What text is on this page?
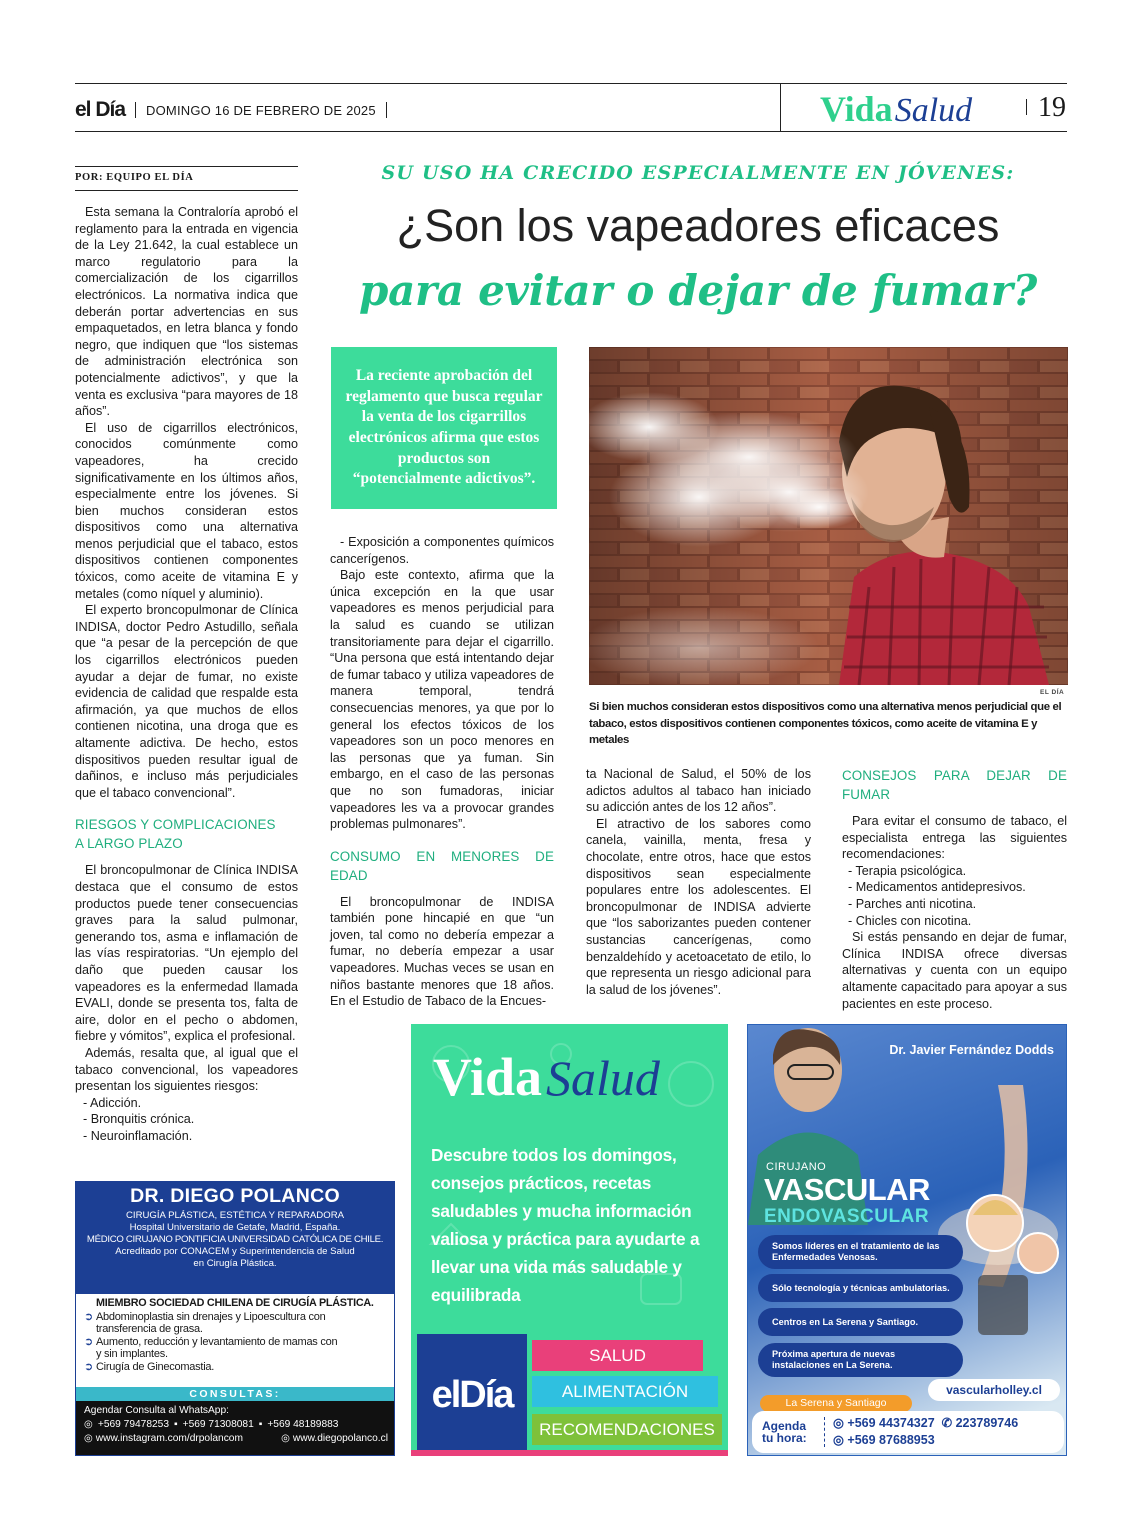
el Día DOMINGO 16 DE FEBRERO DE 2025	Vida Salud 19
POR: EQUIPO EL DÍA	SU USO HA CRECIDO ESPECIALMENTE EN JÓVENES:
¿Son los vapeadores eficaces
para evitar o dejar de fumar?
La reciente aprobación del reglamento que busca regular la venta de los cigarrillos electrónicos afirma que estos productos son “potencialmente adictivos”.
EL DÍA
Si bien muchos consideran estos dispositivos como una alternativa menos perjudicial que el tabaco, estos dispositivos contienen componentes tóxicos, como aceite de vitamina E y metales

Esta semana la Contraloría aprobó el reglamento para la entrada en vigencia de la Ley 21.642, la cual establece un marco regulatorio para la comercialización de los cigarrillos electrónicos. La normativa indica que deberán portar advertencias en sus empaquetados, en letra blanca y fondo negro, que indiquen que “los sistemas de administración electrónica son potencialmente adictivos”, y que la venta es exclusiva “para mayores de 18 años”.

El uso de cigarrillos electrónicos, conocidos comúnmente como vapeadores, ha crecido significativamente en los últimos años, especialmente entre los jóvenes. Si bien muchos consideran estos dispositivos como una alternativa menos perjudicial que el tabaco, estos dispositivos contienen componentes tóxicos, como aceite de vitamina E y metales (como níquel y aluminio).

El experto broncopulmonar de Clínica INDISA, doctor Pedro Astudillo, señala que “a pesar de la percepción de que los cigarrillos electrónicos pueden ayudar a dejar de fumar, no existe evidencia de calidad que respalde esta afirmación, ya que muchos de ellos contienen nicotina, una droga que es altamente adictiva. De hecho, estos dispositivos pueden resultar igual de dañinos, e incluso más perjudiciales que el tabaco convencional”.

RIESGOS Y COMPLICACIONES
A LARGO PLAZO

El broncopulmonar de Clínica INDISA destaca que el consumo de estos productos puede tener consecuencias graves para la salud pulmonar, generando tos, asma e inflamación de las vías respiratorias. “Un ejemplo del daño que pueden causar los vapeadores es la enfermedad llamada EVALI, donde se presenta tos, falta de aire, dolor en el pecho o abdomen, fiebre y vómitos”, explica el profesional.

Además, resalta que, al igual que el tabaco convencional, los vapeadores presentan los siguientes riesgos:

- Adicción.
- Bronquitis crónica.
- Neuroinflamación.

- Exposición a componentes químicos cancerígenos.

Bajo este contexto, afirma que la única excepción en la que usar vapeadores es menos perjudicial para la salud es cuando se utilizan transitoriamente para dejar el cigarrillo. “Una persona que está intentando dejar de fumar tabaco y utiliza vapeadores de manera temporal, tendrá consecuencias menores, ya que por lo general los efectos tóxicos de los vapeadores son un poco menores en las personas que ya fuman. Sin embargo, en el caso de las personas que no son fumadoras, iniciar vapeadores les va a provocar grandes problemas pulmonares”.

CONSUMO EN MENORES DE EDAD

El broncopulmonar de INDISA también pone hincapié en que “un joven, tal como no debería empezar a fumar, no debería empezar a usar vapeadores. Muchas veces se usan en niños bastante menores que 18 años. En el Estudio de Tabaco de la Encues-

ta Nacional de Salud, el 50% de los adictos adultos al tabaco han iniciado su adicción antes de los 12 años”.

El atractivo de los sabores como canela, vainilla, menta, fresa y chocolate, entre otros, hace que estos dispositivos sean especialmente populares entre los adolescentes. El broncopulmonar de INDISA advierte que “los saborizantes pueden contener sustancias cancerígenas, como benzaldehído y acetoacetato de etilo, lo que representa un riesgo adicional para la salud de los jóvenes”.

CONSEJOS PARA DEJAR DE FUMAR

Para evitar el consumo de tabaco, el especialista entrega las siguientes recomendaciones:

- Terapia psicológica.
- Medicamentos antidepresivos.
- Parches anti nicotina.
- Chicles con nicotina.

Si estás pensando en dejar de fumar, Clínica INDISA ofrece diversas alternativas y cuenta con un equipo altamente capacitado para apoyar a sus pacientes en este proceso.

DR. DIEGO POLANCO
CIRUGÍA PLÁSTICA, ESTÉTICA Y REPARADORA
Hospital Universitario de Getafe, Madrid, España.
MÉDICO CIRUJANO PONTIFICIA UNIVERSIDAD CATÓLICA DE CHILE.
Acreditado por CONACEM y Superintendencia de Salud
en Cirugía Plástica.
MIEMBRO SOCIEDAD CHILENA DE CIRUGÍA PLÁSTICA.
➲ Abdominoplastia sin drenajes y Lipoescultura con
transferencia de grasa.
➲ Aumento, reducción y levantamiento de mamas con
y sin implantes.
➲ Cirugía de Ginecomastia.
CONSULTAS:
Agendar Consulta al WhatsApp:
◎ +569 79478253 ▪ +569 71308081 ▪ +569 48189883
◎ www.instagram.com/drpolancom	◎ www.diegopolanco.cl
Vida Salud
Descubre todos los domingos, consejos prácticos, recetas saludables y mucha información valiosa y práctica para ayudarte a llevar una vida más saludable y equilibrada
elDía
SALUD
ALIMENTACIÓN
RECOMENDACIONES
Dr. Javier Fernández Dodds
CIRUJANO
VASCULAR
ENDOVASCULAR
Somos líderes en el tratamiento de las Enfermedades Venosas.
Sólo tecnología y técnicas ambulatorias.
Centros en La Serena y Santiago.
Próxima apertura de nuevas instalaciones en La Serena.
vascularholley.cl
La Serena y Santiago
Agenda tu hora:
◎ +569 44374327 ✆ 223789746
◎ +569 87688953
